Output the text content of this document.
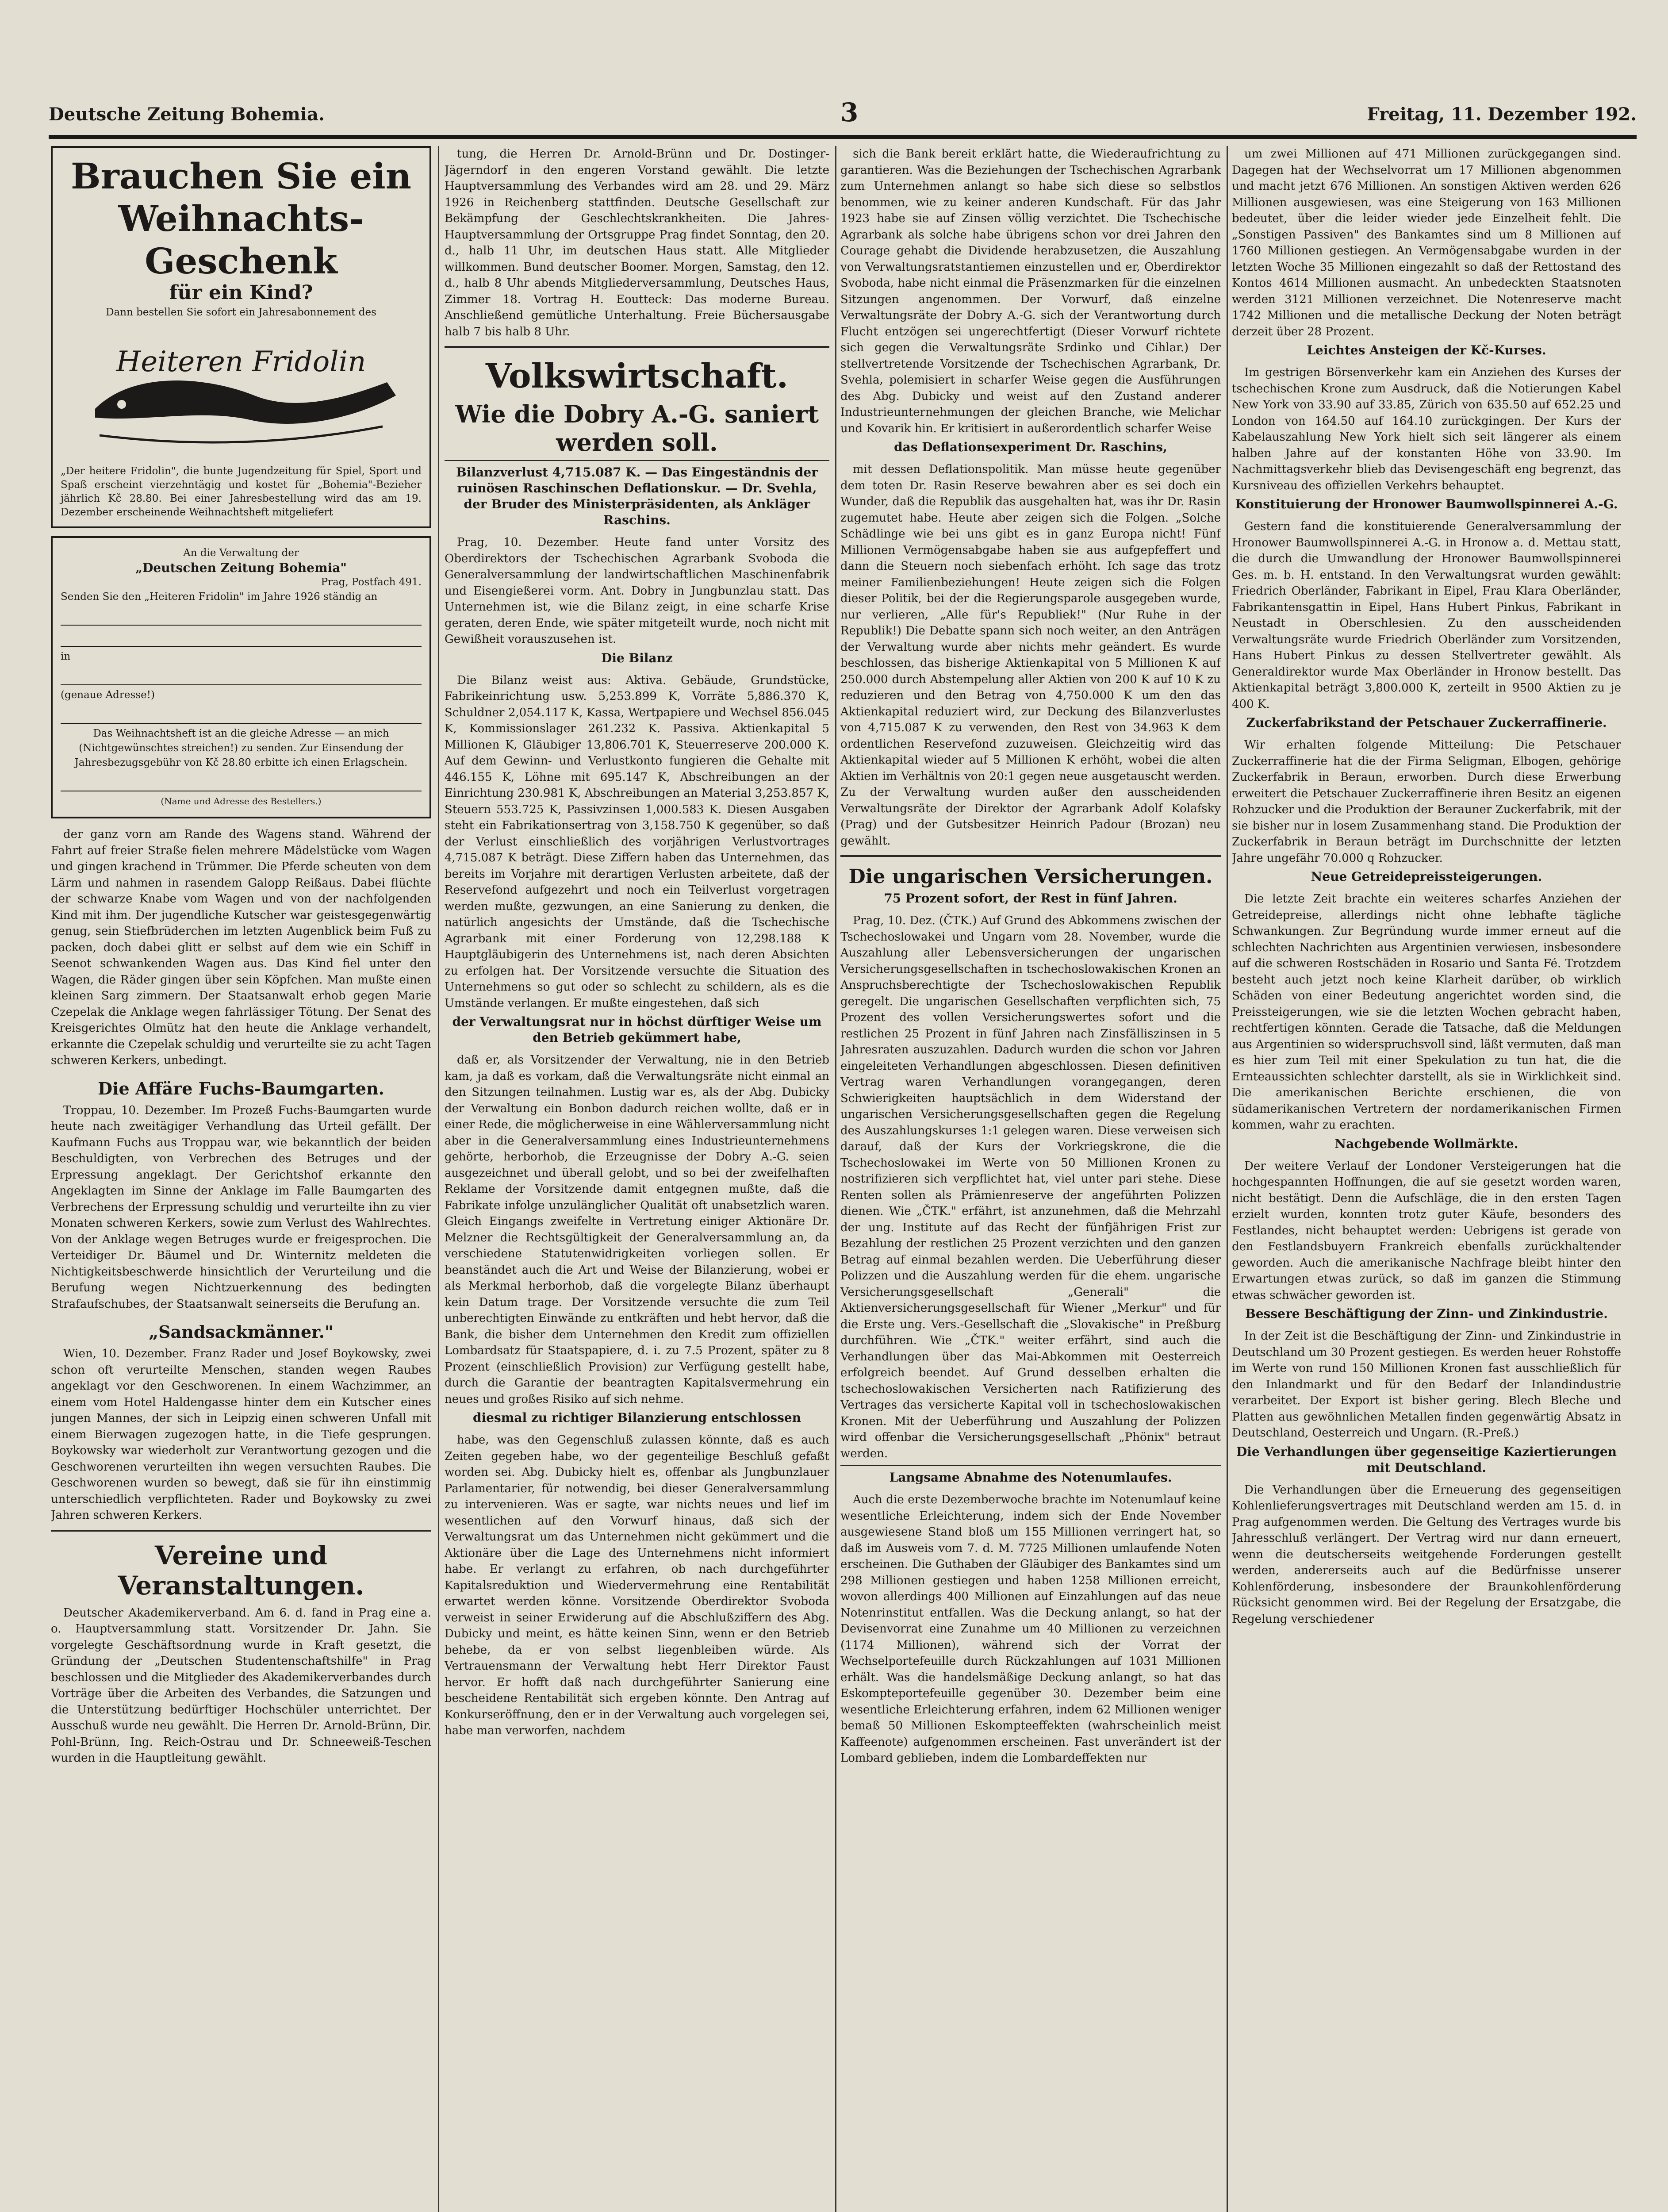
Deutsche Zeitung Bohemia.	3	Freitag, 11. Dezember 192.
Brauchen Sie ein Weihnachts-Geschenk
für ein Kind?
Dann bestellen Sie sofort ein Jahresabonnement des
Heiteren Fridolin
„Der heitere Fridolin", die bunte Jugendzeitung für Spiel, Sport und Spaß erscheint vierzehntägig und kostet für „Bohemia"-Bezieher jährlich Kč 28.80. Bei einer Jahresbestellung wird das am 19. Dezember erscheinende Weihnachtsheft mitgeliefert
An die Verwaltung der
„Deutschen Zeitung Bohemia"
Prag, Postfach 491.
Senden Sie den „Heiteren Fridolin" im Jahre 1926 ständig an
in
(genaue Adresse!)
Das Weihnachtsheft ist an die gleiche Adresse — an mich (Nichtgewünschtes streichen!) zu senden. Zur Einsendung der Jahresbezugsgebühr von Kč 28.80 erbitte ich einen Erlagschein.
(Name und Adresse des Bestellers.)

der ganz vorn am Rande des Wagens stand. Während der Fahrt auf freier Straße fielen mehrere Mädelstücke vom Wagen und gingen krachend in Trümmer. Die Pferde scheuten von dem Lärm und nahmen in rasendem Galopp Reißaus. Dabei flüchte der schwarze Knabe vom Wagen und von der nachfolgenden Kind mit ihm. Der jugendliche Kutscher war geistesgegenwärtig genug, sein Stiefbrüderchen im letzten Augenblick beim Fuß zu packen, doch dabei glitt er selbst auf dem wie ein Schiff in Seenot schwankenden Wagen aus. Das Kind fiel unter den Wagen, die Räder gingen über sein Köpfchen. Man mußte einen kleinen Sarg zimmern. Der Staatsanwalt erhob gegen Marie Czepelak die Anklage wegen fahrlässiger Tötung. Der Senat des Kreisgerichtes Olmütz hat den heute die Anklage verhandelt, erkannte die Czepelak schuldig und verurteilte sie zu acht Tagen schweren Kerkers, unbedingt.

Die Affäre Fuchs-Baumgarten.

Troppau, 10. Dezember. Im Prozeß Fuchs-Baumgarten wurde heute nach zweitägiger Verhandlung das Urteil gefällt. Der Kaufmann Fuchs aus Troppau war, wie bekanntlich der beiden Beschuldigten, von Verbrechen des Betruges und der Erpressung angeklagt. Der Gerichtshof erkannte den Angeklagten im Sinne der Anklage im Falle Baumgarten des Verbrechens der Erpressung schuldig und verurteilte ihn zu vier Monaten schweren Kerkers, sowie zum Verlust des Wahlrechtes. Von der Anklage wegen Betruges wurde er freigesprochen. Die Verteidiger Dr. Bäumel und Dr. Winternitz meldeten die Nichtigkeitsbeschwerde hinsichtlich der Verurteilung und die Berufung wegen Nichtzuerkennung des bedingten Strafaufschubes, der Staatsanwalt seinerseits die Berufung an.

„Sandsackmänner."

Wien, 10. Dezember. Franz Rader und Josef Boykowsky, zwei schon oft verurteilte Menschen, standen wegen Raubes angeklagt vor den Geschworenen. In einem Wachzimmer, an einem vom Hotel Haldengasse hinter dem ein Kutscher eines jungen Mannes, der sich in Leipzig einen schweren Unfall mit einem Bierwagen zugezogen hatte, in die Tiefe gesprungen. Boykowsky war wiederholt zur Verantwortung gezogen und die Geschworenen verurteilten ihn wegen versuchten Raubes. Die Geschworenen wurden so bewegt, daß sie für ihn einstimmig unterschiedlich verpflichteten. Rader und Boykowsky zu zwei Jahren schweren Kerkers.

Vereine und Veranstaltungen.

Deutscher Akademikerverband. Am 6. d. fand in Prag eine a. o. Hauptversammlung statt. Vorsitzender Dr. Jahn. Sie vorgelegte Geschäftsordnung wurde in Kraft gesetzt, die Gründung der „Deutschen Studentenschaftshilfe" in Prag beschlossen und die Mitglieder des Akademikerverbandes durch Vorträge über die Arbeiten des Verbandes, die Satzungen und die Unterstützung bedürftiger Hochschüler unterrichtet. Der Ausschuß wurde neu gewählt. Die Herren Dr. Arnold-Brünn, Dir. Pohl-Brünn, Ing. Reich-Ostrau und Dr. Schneeweiß-Teschen wurden in die Hauptleitung gewählt.

tung, die Herren Dr. Arnold-Brünn und Dr. Dostinger-Jägerndorf in den engeren Vorstand gewählt. Die letzte Hauptversammlung des Verbandes wird am 28. und 29. März 1926 in Reichenberg stattfinden. Deutsche Gesellschaft zur Bekämpfung der Geschlechtskrankheiten. Die Jahres-Hauptversammlung der Ortsgruppe Prag findet Sonntag, den 20. d., halb 11 Uhr, im deutschen Haus statt. Alle Mitglieder willkommen. Bund deutscher Boomer. Morgen, Samstag, den 12. d., halb 8 Uhr abends Mitgliederversammlung, Deutsches Haus, Zimmer 18. Vortrag H. Eoutteck: Das moderne Bureau. Anschließend gemütliche Unterhaltung. Freie Büchersausgabe halb 7 bis halb 8 Uhr.

Volkswirtschaft.
Wie die Dobry A.-G. saniert werden soll.
Bilanzverlust 4,715.087 K. — Das Eingeständnis der ruinösen Raschinschen Deflationskur. — Dr. Svehla, der Bruder des Ministerpräsidenten, als Ankläger Raschins.

Prag, 10. Dezember. Heute fand unter Vorsitz des Oberdirektors der Tschechischen Agrarbank Svoboda die Generalversammlung der landwirtschaftlichen Maschinenfabrik und Eisengießerei vorm. Ant. Dobry in Jungbunzlau statt. Das Unternehmen ist, wie die Bilanz zeigt, in eine scharfe Krise geraten, deren Ende, wie später mitgeteilt wurde, noch nicht mit Gewißheit vorauszusehen ist.

Die Bilanz

Die Bilanz weist aus: Aktiva. Gebäude, Grundstücke, Fabrikeinrichtung usw. 5,253.899 K, Vorräte 5,886.370 K, Schuldner 2,054.117 K, Kassa, Wertpapiere und Wechsel 856.045 K, Kommissionslager 261.232 K. Passiva. Aktienkapital 5 Millionen K, Gläubiger 13,806.701 K, Steuerreserve 200.000 K. Auf dem Gewinn- und Verlustkonto fungieren die Gehalte mit 446.155 K, Löhne mit 695.147 K, Abschreibungen an der Einrichtung 230.981 K, Abschreibungen an Material 3,253.857 K, Steuern 553.725 K, Passivzinsen 1,000.583 K. Diesen Ausgaben steht ein Fabrikationsertrag von 3,158.750 K gegenüber, so daß der Verlust einschließlich des vorjährigen Verlustvortrages 4,715.087 K beträgt. Diese Ziffern haben das Unternehmen, das bereits im Vorjahre mit derartigen Verlusten arbeitete, daß der Reservefond aufgezehrt und noch ein Teilverlust vorgetragen werden mußte, gezwungen, an eine Sanierung zu denken, die natürlich angesichts der Umstände, daß die Tschechische Agrarbank mit einer Forderung von 12,298.188 K Hauptgläubigerin des Unternehmens ist, nach deren Absichten zu erfolgen hat. Der Vorsitzende versuchte die Situation des Unternehmens so gut oder so schlecht zu schildern, als es die Umstände verlangen. Er mußte eingestehen, daß sich

der Verwaltungsrat nur in höchst dürftiger Weise um den Betrieb gekümmert habe,

daß er, als Vorsitzender der Verwaltung, nie in den Betrieb kam, ja daß es vorkam, daß die Verwaltungsräte nicht einmal an den Sitzungen teilnahmen. Lustig war es, als der Abg. Dubicky der Verwaltung ein Bonbon dadurch reichen wollte, daß er in einer Rede, die möglicherweise in eine Wählerversammlung nicht aber in die Generalversammlung eines Industrieunternehmens gehörte, herborhob, die Erzeugnisse der Dobry A.-G. seien ausgezeichnet und überall gelobt, und so bei der zweifelhaften Reklame der Vorsitzende damit entgegnen mußte, daß die Fabrikate infolge unzulänglicher Qualität oft unabsetzlich waren. Gleich Eingangs zweifelte in Vertretung einiger Aktionäre Dr. Melzner die Rechtsgültigkeit der Generalversammlung an, da verschiedene Statutenwidrigkeiten vorliegen sollen. Er beanständet auch die Art und Weise der Bilanzierung, wobei er als Merkmal herborhob, daß die vorgelegte Bilanz überhaupt kein Datum trage. Der Vorsitzende versuchte die zum Teil unberechtigten Einwände zu entkräften und hebt hervor, daß die Bank, die bisher dem Unternehmen den Kredit zum offiziellen Lombardsatz für Staatspapiere, d. i. zu 7.5 Prozent, später zu 8 Prozent (einschließlich Provision) zur Verfügung gestellt habe, durch die Garantie der beantragten Kapitalsvermehrung ein neues und großes Risiko auf sich nehme.

diesmal zu richtiger Bilanzierung entschlossen

habe, was den Gegenschluß zulassen könnte, daß es auch Zeiten gegeben habe, wo der gegenteilige Beschluß gefaßt worden sei. Abg. Dubicky hielt es, offenbar als Jungbunzlauer Parlamentarier, für notwendig, bei dieser Generalversammlung zu intervenieren. Was er sagte, war nichts neues und lief im wesentlichen auf den Vorwurf hinaus, daß sich der Verwaltungsrat um das Unternehmen nicht gekümmert und die Aktionäre über die Lage des Unternehmens nicht informiert habe. Er verlangt zu erfahren, ob nach durchgeführter Kapitalsreduktion und Wiedervermehrung eine Rentabilität erwartet werden könne. Vorsitzende Oberdirektor Svoboda verweist in seiner Erwiderung auf die Abschlußziffern des Abg. Dubicky und meint, es hätte keinen Sinn, wenn er den Betrieb behebe, da er von selbst liegenbleiben würde. Als Vertrauensmann der Verwaltung hebt Herr Direktor Faust hervor. Er hofft daß nach durchgeführter Sanierung eine bescheidene Rentabilität sich ergeben könnte. Den Antrag auf Konkurseröffnung, den er in der Verwaltung auch vorgelegen sei, habe man verworfen, nachdem

sich die Bank bereit erklärt hatte, die Wiederaufrichtung zu garantieren. Was die Beziehungen der Tschechischen Agrarbank zum Unternehmen anlangt so habe sich diese so selbstlos benommen, wie zu keiner anderen Kundschaft. Für das Jahr 1923 habe sie auf Zinsen völlig verzichtet. Die Tschechische Agrarbank als solche habe übrigens schon vor drei Jahren den Courage gehabt die Dividende herabzusetzen, die Auszahlung von Verwaltungsratstantiemen einzustellen und er, Oberdirektor Svoboda, habe nicht einmal die Präsenzmarken für die einzelnen Sitzungen angenommen. Der Vorwurf, daß einzelne Verwaltungsräte der Dobry A.-G. sich der Verantwortung durch Flucht entzögen sei ungerechtfertigt (Dieser Vorwurf richtete sich gegen die Verwaltungsräte Srdinko und Cihlar.) Der stellvertretende Vorsitzende der Tschechischen Agrarbank, Dr. Svehla, polemisiert in scharfer Weise gegen die Ausführungen des Abg. Dubicky und weist auf den Zustand anderer Industrieunternehmungen der gleichen Branche, wie Melichar und Kovarik hin. Er kritisiert in außerordentlich scharfer Weise

das Deflationsexperiment Dr. Raschins,

mit dessen Deflationspolitik. Man müsse heute gegenüber dem toten Dr. Rasin Reserve bewahren aber es sei doch ein Wunder, daß die Republik das ausgehalten hat, was ihr Dr. Rasin zugemutet habe. Heute aber zeigen sich die Folgen. „Solche Schädlinge wie bei uns gibt es in ganz Europa nicht! Fünf Millionen Vermögensabgabe haben sie aus aufgepfeffert und dann die Steuern noch siebenfach erhöht. Ich sage das trotz meiner Familienbeziehungen! Heute zeigen sich die Folgen dieser Politik, bei der die Regierungsparole ausgegeben wurde, nur verlieren, „Alle für's Republiek!" (Nur Ruhe in der Republik!) Die Debatte spann sich noch weiter, an den Anträgen der Verwaltung wurde aber nichts mehr geändert. Es wurde beschlossen, das bisherige Aktienkapital von 5 Millionen K auf 250.000 durch Abstempelung aller Aktien von 200 K auf 10 K zu reduzieren und den Betrag von 4,750.000 K um den das Aktienkapital reduziert wird, zur Deckung des Bilanzverlustes von 4,715.087 K zu verwenden, den Rest von 34.963 K dem ordentlichen Reservefond zuzuweisen. Gleichzeitig wird das Aktienkapital wieder auf 5 Millionen K erhöht, wobei die alten Aktien im Verhältnis von 20:1 gegen neue ausgetauscht werden. Zu der Verwaltung wurden außer den ausscheidenden Verwaltungsräte der Direktor der Agrarbank Adolf Kolafsky (Prag) und der Gutsbesitzer Heinrich Padour (Brozan) neu gewählt.

Die ungarischen Versicherungen.
75 Prozent sofort, der Rest in fünf Jahren.

Prag, 10. Dez. (ČTK.) Auf Grund des Abkommens zwischen der Tschechoslowakei und Ungarn vom 28. November, wurde die Auszahlung aller Lebensversicherungen der ungarischen Versicherungsgesellschaften in tschechoslowakischen Kronen an Anspruchsberechtigte der Tschechoslowakischen Republik geregelt. Die ungarischen Gesellschaften verpflichten sich, 75 Prozent des vollen Versicherungswertes sofort und die restlichen 25 Prozent in fünf Jahren nach Zinsfälliszinsen in 5 Jahresraten auszuzahlen. Dadurch wurden die schon vor Jahren eingeleiteten Verhandlungen abgeschlossen. Diesen definitiven Vertrag waren Verhandlungen vorangegangen, deren Schwierigkeiten hauptsächlich in dem Widerstand der ungarischen Versicherungsgesellschaften gegen die Regelung des Auszahlungskurses 1:1 gelegen waren. Diese verweisen sich darauf, daß der Kurs der Vorkriegskrone, die die Tschechoslowakei im Werte von 50 Millionen Kronen zu nostrifizieren sich verpflichtet hat, viel unter pari stehe. Diese Renten sollen als Prämienreserve der angeführten Polizzen dienen. Wie „ČTK." erfährt, ist anzunehmen, daß die Mehrzahl der ung. Institute auf das Recht der fünfjährigen Frist zur Bezahlung der restlichen 25 Prozent verzichten und den ganzen Betrag auf einmal bezahlen werden. Die Ueberführung dieser Polizzen und die Auszahlung werden für die ehem. ungarische Versicherungsgesellschaft „Generali" die Aktienversicherungsgesellschaft für Wiener „Merkur" und für die Erste ung. Vers.-Gesellschaft die „Slovakische" in Preßburg durchführen. Wie „ČTK." weiter erfährt, sind auch die Verhandlungen über das Mai-Abkommen mit Oesterreich erfolgreich beendet. Auf Grund desselben erhalten die tschechoslowakischen Versicherten nach Ratifizierung des Vertrages das versicherte Kapital voll in tschechoslowakischen Kronen. Mit der Ueberführung und Auszahlung der Polizzen wird offenbar die Versicherungsgesellschaft „Phönix" betraut werden.

Langsame Abnahme des Notenumlaufes.

Auch die erste Dezemberwoche brachte im Notenumlauf keine wesentliche Erleichterung, indem sich der Ende November ausgewiesene Stand bloß um 155 Millionen verringert hat, so daß im Ausweis vom 7. d. M. 7725 Millionen umlaufende Noten erscheinen. Die Guthaben der Gläubiger des Bankamtes sind um 298 Millionen gestiegen und haben 1258 Millionen erreicht, wovon allerdings 400 Millionen auf Einzahlungen auf das neue Notenrinstitut entfallen. Was die Deckung anlangt, so hat der Devisenvorrat eine Zunahme um 40 Millionen zu verzeichnen (1174 Millionen), während sich der Vorrat der Wechselportefeuille durch Rückzahlungen auf 1031 Millionen erhält. Was die handelsmäßige Deckung anlangt, so hat das Eskompteportefeuille gegenüber 30. Dezember beim eine wesentliche Erleichterung erfahren, indem 62 Millionen weniger bemaß 50 Millionen Eskompteeffekten (wahrscheinlich meist Kaffeenote) aufgenommen erscheinen. Fast unverändert ist der Lombard geblieben, indem die Lombardeffekten nur

um zwei Millionen auf 471 Millionen zurückgegangen sind. Dagegen hat der Wechselvorrat um 17 Millionen abgenommen und macht jetzt 676 Millionen. An sonstigen Aktiven werden 626 Millionen ausgewiesen, was eine Steigerung von 163 Millionen bedeutet, über die leider wieder jede Einzelheit fehlt. Die „Sonstigen Passiven" des Bankamtes sind um 8 Millionen auf 1760 Millionen gestiegen. An Vermögensabgabe wurden in der letzten Woche 35 Millionen eingezahlt so daß der Rettostand des Kontos 4614 Millionen ausmacht. An unbedeckten Staatsnoten werden 3121 Millionen verzeichnet. Die Notenreserve macht 1742 Millionen und die metallische Deckung der Noten beträgt derzeit über 28 Prozent.

Leichtes Ansteigen der Kč-Kurses.

Im gestrigen Börsenverkehr kam ein Anziehen des Kurses der tschechischen Krone zum Ausdruck, daß die Notierungen Kabel New York von 33.90 auf 33.85, Zürich von 635.50 auf 652.25 und London von 164.50 auf 164.10 zurückgingen. Der Kurs der Kabelauszahlung New York hielt sich seit längerer als einem halben Jahre auf der konstanten Höhe von 33.90. Im Nachmittagsverkehr blieb das Devisengeschäft eng begrenzt, das Kursniveau des offiziellen Verkehrs behauptet.

Konstituierung der Hronower Baumwollspinnerei A.-G.

Gestern fand die konstituierende Generalversammlung der Hronower Baumwollspinnerei A.-G. in Hronow a. d. Mettau statt, die durch die Umwandlung der Hronower Baumwollspinnerei Ges. m. b. H. entstand. In den Verwaltungsrat wurden gewählt: Friedrich Oberländer, Fabrikant in Eipel, Frau Klara Oberländer, Fabrikantensgattin in Eipel, Hans Hubert Pinkus, Fabrikant in Neustadt in Oberschlesien. Zu den ausscheidenden Verwaltungsräte wurde Friedrich Oberländer zum Vorsitzenden, Hans Hubert Pinkus zu dessen Stellvertreter gewählt. Als Generaldirektor wurde Max Oberländer in Hronow bestellt. Das Aktienkapital beträgt 3,800.000 K, zerteilt in 9500 Aktien zu je 400 K.

Zuckerfabrikstand der Petschauer Zuckerraffinerie.

Wir erhalten folgende Mitteilung: Die Petschauer Zuckerraffinerie hat die der Firma Seligman, Elbogen, gehörige Zuckerfabrik in Beraun, erworben. Durch diese Erwerbung erweitert die Petschauer Zuckerraffinerie ihren Besitz an eigenen Rohzucker und die Produktion der Berauner Zuckerfabrik, mit der sie bisher nur in losem Zusammenhang stand. Die Produktion der Zuckerfabrik in Beraun beträgt im Durchschnitte der letzten Jahre ungefähr 70.000 q Rohzucker.

Neue Getreidepreissteigerungen.

Die letzte Zeit brachte ein weiteres scharfes Anziehen der Getreidepreise, allerdings nicht ohne lebhafte tägliche Schwankungen. Zur Begründung wurde immer erneut auf die schlechten Nachrichten aus Argentinien verwiesen, insbesondere auf die schweren Rostschäden in Rosario und Santa Fé. Trotzdem besteht auch jetzt noch keine Klarheit darüber, ob wirklich Schäden von einer Bedeutung angerichtet worden sind, die Preissteigerungen, wie sie die letzten Wochen gebracht haben, rechtfertigen könnten. Gerade die Tatsache, daß die Meldungen aus Argentinien so widerspruchsvoll sind, läßt vermuten, daß man es hier zum Teil mit einer Spekulation zu tun hat, die die Ernteaussichten schlechter darstellt, als sie in Wirklichkeit sind. Die amerikanischen Berichte erschienen, die von südamerikanischen Vertretern der nordamerikanischen Firmen kommen, wahr zu erachten.

Nachgebende Wollmärkte.

Der weitere Verlauf der Londoner Versteigerungen hat die hochgespannten Hoffnungen, die auf sie gesetzt worden waren, nicht bestätigt. Denn die Aufschläge, die in den ersten Tagen erzielt wurden, konnten trotz guter Käufe, besonders des Festlandes, nicht behauptet werden: Uebrigens ist gerade von den Festlandsbuyern Frankreich ebenfalls zurückhaltender geworden. Auch die amerikanische Nachfrage bleibt hinter den Erwartungen etwas zurück, so daß im ganzen die Stimmung etwas schwächer geworden ist.

Bessere Beschäftigung der Zinn- und Zinkindustrie.

In der Zeit ist die Beschäftigung der Zinn- und Zinkindustrie in Deutschland um 30 Prozent gestiegen. Es werden heuer Rohstoffe im Werte von rund 150 Millionen Kronen fast ausschließlich für den Inlandmarkt und für den Bedarf der Inlandindustrie verarbeitet. Der Export ist bisher gering. Blech Bleche und Platten aus gewöhnlichen Metallen finden gegenwärtig Absatz in Deutschland, Oesterreich und Ungarn. (R.-Preß.)

Die Verhandlungen über gegenseitige Kaziertierungen mit Deutschland.

Die Verhandlungen über die Erneuerung des gegenseitigen Kohlenlieferungsvertrages mit Deutschland werden am 15. d. in Prag aufgenommen werden. Die Geltung des Vertrages wurde bis Jahresschluß verlängert. Der Vertrag wird nur dann erneuert, wenn die deutscherseits weitgehende Forderungen gestellt werden, andererseits auch auf die Bedürfnisse unserer Kohlenförderung, insbesondere der Braunkohlenförderung Rücksicht genommen wird. Bei der Regelung der Ersatzgabe, die Regelung verschiedener
